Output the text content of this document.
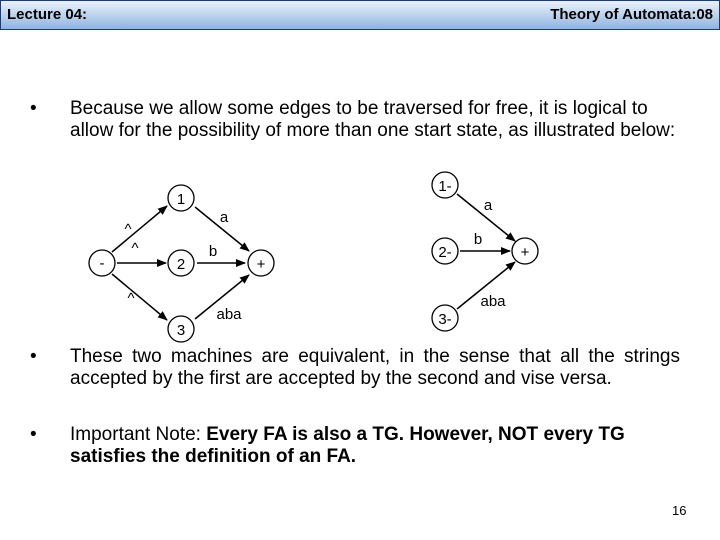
Lecture 04:	Theory of Automata:08
•	Because we allow some edges to be traversed for free, it is logical to allow for the possibility of more than one start state, as illustrated below:
-
1
2	+
3
^
^
^
a
b
aba
1-
2-	+
3-
a
b
aba
•	These two machines are equivalent, in the sense that all the strings accepted by the first are accepted by the second and vise versa.
•	Important Note: Every FA is also a TG. However, NOT every TG satisfies the definition of an FA.
16
